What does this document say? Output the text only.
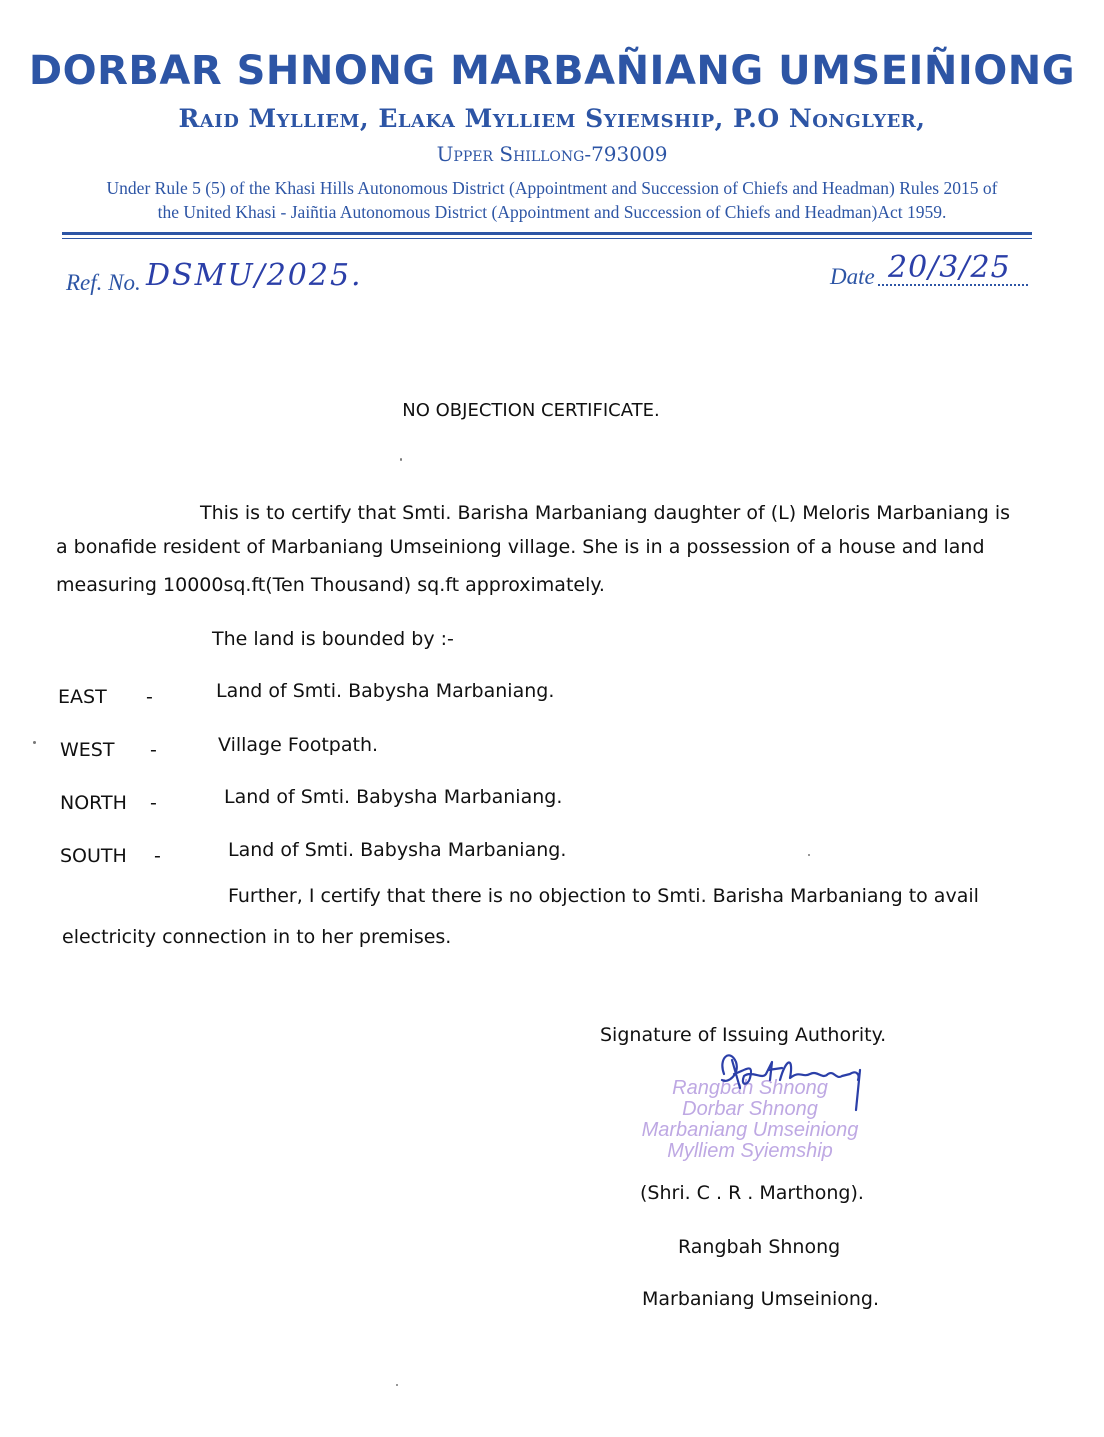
DORBAR SHNONG MARBAÑIANG UMSEIÑIONG
Raid Mylliem, Elaka Mylliem Syiemship, P.O Nonglyer,
Upper Shillong-793009
Under Rule 5 (5) of the Khasi Hills Autonomous District (Appointment and Succession of Chiefs and Headman) Rules 2015 of
the United Khasi - Jaiñtia Autonomous District (Appointment and Succession of Chiefs and Headman)Act 1959.
Ref. No. DSMU/2025.	Date 20/3/25
NO OBJECTION CERTIFICATE.
This is to certify that Smti. Barisha Marbaniang daughter of (L) Meloris Marbaniang is
a bonafide resident of Marbaniang Umseiniong village. She is in a possession of a house and land
measuring 10000sq.ft(Ten Thousand) sq.ft approximately.
The land is bounded by :-
EAST -	Land of Smti. Babysha Marbaniang.
WEST -	Village Footpath.
NORTH -	Land of Smti. Babysha Marbaniang.
SOUTH -	Land of Smti. Babysha Marbaniang.
Further, I certify that there is no objection to Smti. Barisha Marbaniang to avail
electricity connection in to her premises.
Signature of Issuing Authority.
Rangbah Shnong
Dorbar Shnong
Marbaniang Umseiniong
Mylliem Syiemship
(Shri. C . R . Marthong).
Rangbah Shnong
Marbaniang Umseiniong.
